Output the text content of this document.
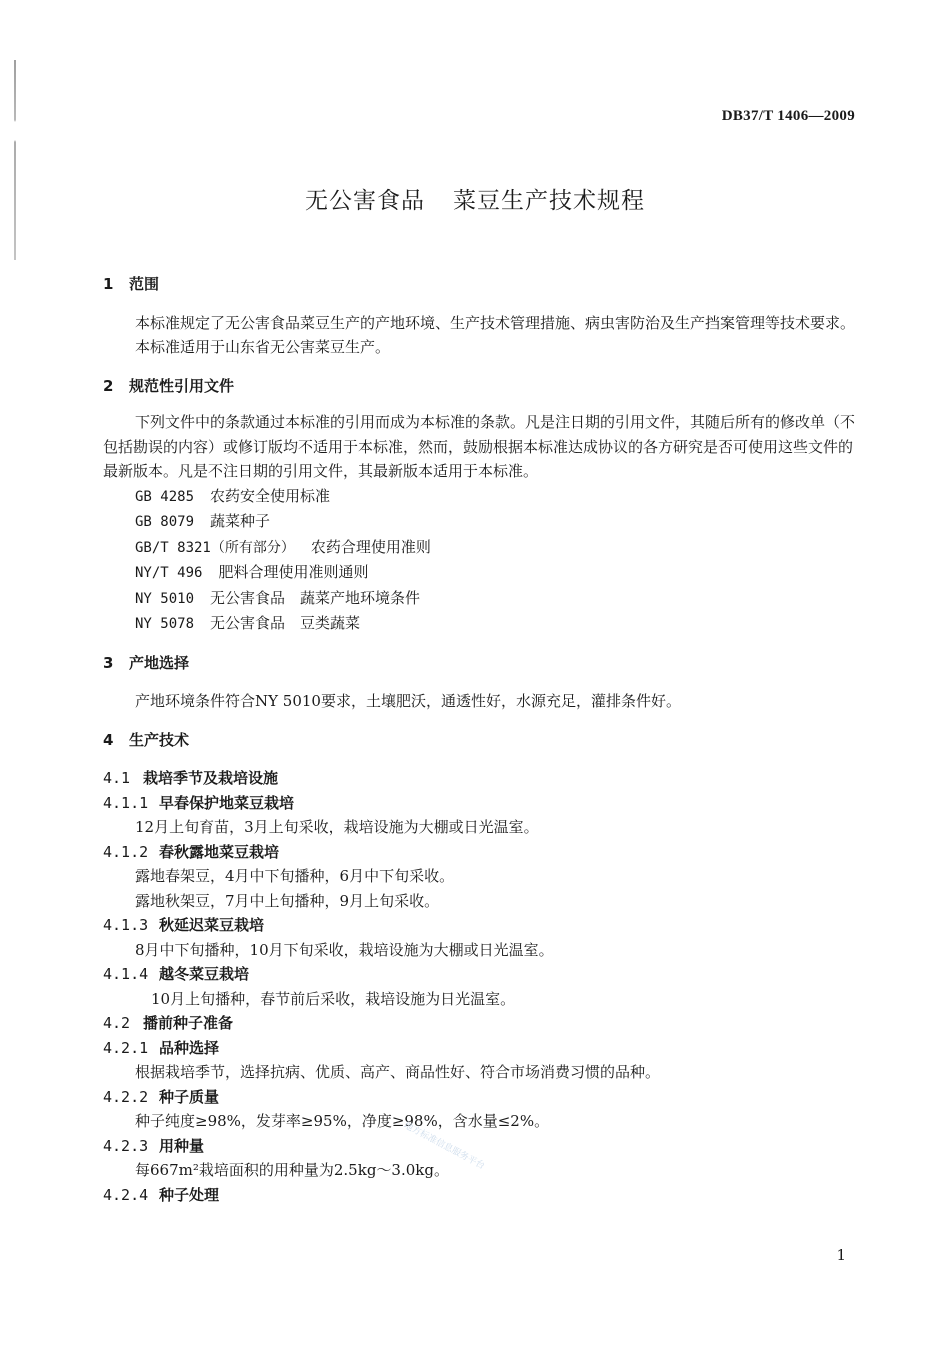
DB37/T 1406—2009
无公害食品 菜豆生产技术规程
1 范围

本标准规定了无公害食品菜豆生产的产地环境、生产技术管理措施、病虫害防治及生产挡案管理等技术要求。

本标准适用于山东省无公害菜豆生产。

2 规范性引用文件

下列文件中的条款通过本标准的引用而成为本标准的条款。凡是注日期的引用文件，其随后所有的修改单（不包括勘误的内容）或修订版均不适用于本标准，然而，鼓励根据本标准达成协议的各方研究是否可使用这些文件的最新版本。凡是不注日期的引用文件，其最新版本适用于本标准。

GB 4285 农药安全使用标准
GB 8079 蔬菜种子
GB/T 8321（所有部分） 农药合理使用准则
NY/T 496 肥料合理使用准则通则
NY 5010 无公害食品　蔬菜产地环境条件
NY 5078 无公害食品　豆类蔬菜
3 产地选择

产地环境条件符合NY 5010要求，土壤肥沃，通透性好，水源充足，灌排条件好。

4 生产技术
4.1 栽培季节及栽培设施
4.1.1 早春保护地菜豆栽培

12月上旬育苗，3月上旬采收，栽培设施为大棚或日光温室。

4.1.2 春秋露地菜豆栽培

露地春架豆，4月中下旬播种，6月中下旬采收。

露地秋架豆，7月中上旬播种，9月上旬采收。

4.1.3 秋延迟菜豆栽培

8月中下旬播种，10月下旬采收，栽培设施为大棚或日光温室。

4.1.4 越冬菜豆栽培

10月上旬播种，春节前后采收，栽培设施为日光温室。

4.2 播前种子准备
4.2.1 品种选择

根据栽培季节，选择抗病、优质、高产、商品性好、符合市场消费习惯的品种。

4.2.2 种子质量

种子纯度≥98%，发芽率≥95%，净度≥98%，含水量≤2%。

4.2.3 用种量

每667m²栽培面积的用种量为2.5kg～3.0kg。

4.2.4 种子处理
地方标准信息服务平台
1
